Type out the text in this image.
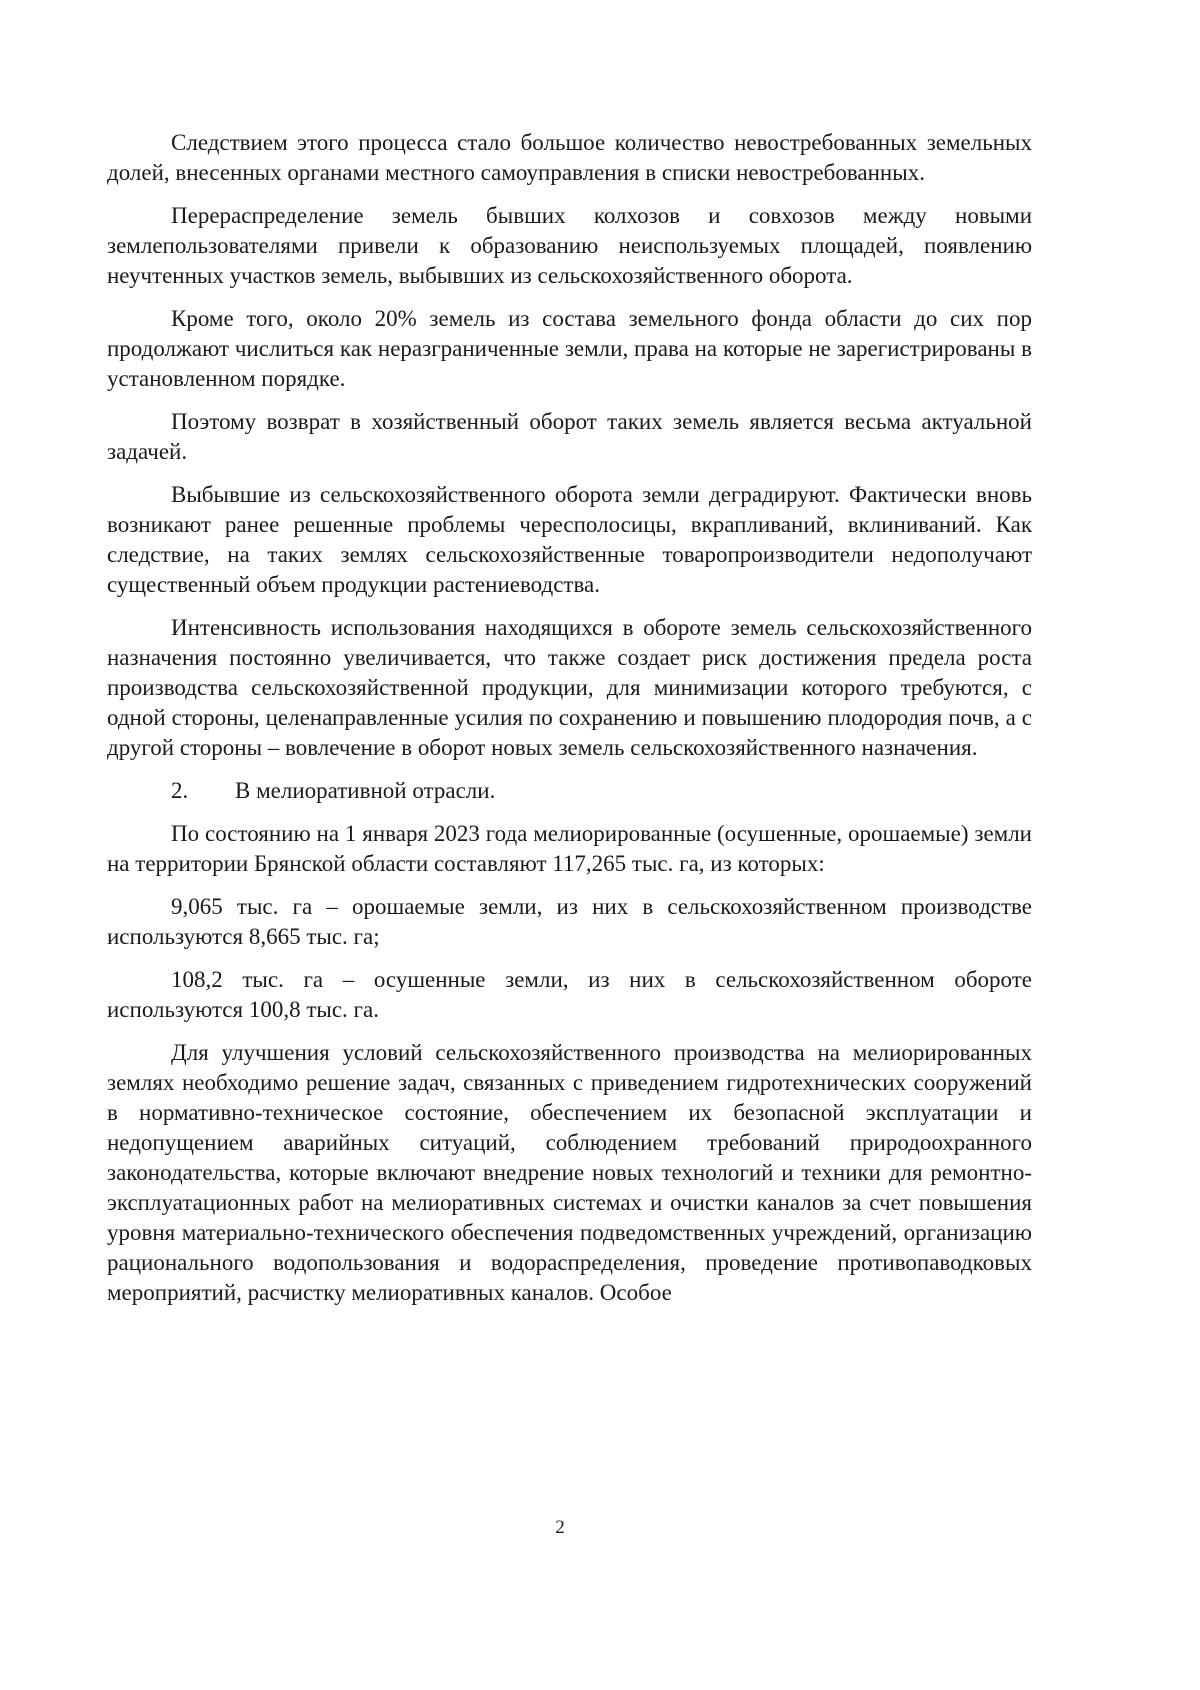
Следствием этого процесса стало большое количество невостребованных земельных долей, внесенных органами местного самоуправления в списки невостребованных.

Перераспределение земель бывших колхозов и совхозов между новыми землепользователями привели к образованию неиспользуемых площадей, появлению неучтенных участков земель, выбывших из сельскохозяйственного оборота.

Кроме того, около 20% земель из состава земельного фонда области до сих пор продолжают числиться как неразграниченные земли, права на которые не зарегистрированы в установленном порядке.

Поэтому возврат в хозяйственный оборот таких земель является весьма актуальной задачей.

Выбывшие из сельскохозяйственного оборота земли деградируют. Фактически вновь возникают ранее решенные проблемы чересполосицы, вкрапливаний, вклиниваний. Как следствие, на таких землях сельскохозяйственные товаропроизводители недополучают существенный объем продукции растениеводства.

Интенсивность использования находящихся в обороте земель сельскохозяйственного назначения постоянно увеличивается, что также создает риск достижения предела роста производства сельскохозяйственной продукции, для минимизации которого требуются, с одной стороны, целенаправленные усилия по сохранению и повышению плодородия почв, а с другой стороны – вовлечение в оборот новых земель сельскохозяйственного назначения.

2. В мелиоративной отрасли.

По состоянию на 1 января 2023 года мелиорированные (осушенные, орошаемые) земли на территории Брянской области составляют 117,265 тыс. га, из которых:

9,065 тыс. га – орошаемые земли, из них в сельскохозяйственном производстве используются 8,665 тыс. га;

108,2 тыс. га – осушенные земли, из них в сельскохозяйственном обороте используются 100,8 тыс. га.

Для улучшения условий сельскохозяйственного производства на мелиорированных землях необходимо решение задач, связанных с приведением гидротехнических сооружений в нормативно-техническое состояние, обеспечением их безопасной эксплуатации и недопущением аварийных ситуаций, соблюдением требований природоохранного законодательства, которые включают внедрение новых технологий и техники для ремонтно-эксплуатационных работ на мелиоративных системах и очистки каналов за счет повышения уровня материально-технического обеспечения подведомственных учреждений, организацию рационального водопользования и водораспределения, проведение противопаводковых мероприятий, расчистку мелиоративных каналов. Особое

2
